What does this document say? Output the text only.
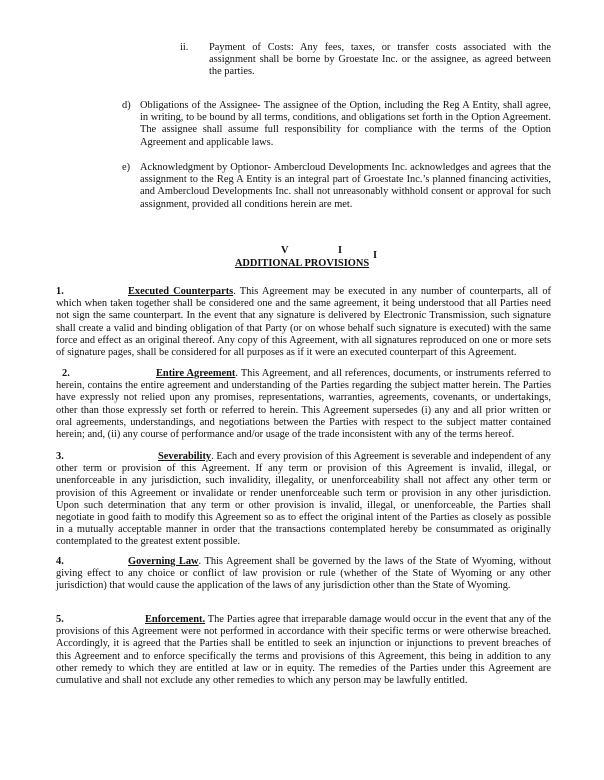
ii. Payment of Costs: Any fees, taxes, or transfer costs associated with the assignment shall be borne by Groestate Inc. or the assignee, as agreed between the parties.

d) Obligations of the Assignee- The assignee of the Option, including the Reg A Entity, shall agree, in writing, to be bound by all terms, conditions, and obligations set forth in the Option Agreement. The assignee shall assume full responsibility for compliance with the terms of the Option Agreement and applicable laws.

e) Acknowledgment by Optionor- Ambercloud Developments Inc. acknowledges and agrees that the assignment to the Reg A Entity is an integral part of Groestate Inc.’s planned financing activities, and Ambercloud Developments Inc. shall not unreasonably withhold consent or approval for such assignment, provided all conditions herein are met.

V	I	I
ADDITIONAL PROVISIONS
1.	Executed Counterparts. This Agreement may be executed in any number of counterparts, all of which when taken together shall be considered one and the same agreement, it being understood that all Parties need not sign the same counterpart. In the event that any signature is delivered by Electronic Transmission, such signature shall create a valid and binding obligation of that Party (or on whose behalf such signature is executed) with the same force and effect as an original thereof. Any copy of this Agreement, with all signatures reproduced on one or more sets of signature pages, shall be considered for all purposes as if it were an executed counterpart of this Agreement.

2.	Entire Agreement. This Agreement, and all references, documents, or instruments referred to herein, contains the entire agreement and understanding of the Parties regarding the subject matter herein. The Parties have expressly not relied upon any promises, representations, warranties, agreements, covenants, or undertakings, other than those expressly set forth or referred to herein. This Agreement supersedes (i) any and all prior written or oral agreements, understandings, and negotiations between the Parties with respect to the subject matter contained herein; and, (ii) any course of performance and/or usage of the trade inconsistent with any of the terms hereof.

3.	Severability. Each and every provision of this Agreement is severable and independent of any other term or provision of this Agreement. If any term or provision of this Agreement is invalid, illegal, or unenforceable in any jurisdiction, such invalidity, illegality, or unenforceability shall not affect any other term or provision of this Agreement or invalidate or render unenforceable such term or provision in any other jurisdiction. Upon such determination that any term or other provision is invalid, illegal, or unenforceable, the Parties shall negotiate in good faith to modify this Agreement so as to effect the original intent of the Parties as closely as possible in a mutually acceptable manner in order that the transactions contemplated hereby be consummated as originally contemplated to the greatest extent possible.

4.	Governing Law. This Agreement shall be governed by the laws of the State of Wyoming, without giving effect to any choice or conflict of law provision or rule (whether of the State of Wyoming or any other jurisdiction) that would cause the application of the laws of any jurisdiction other than the State of Wyoming.

5.	Enforcement. The Parties agree that irreparable damage would occur in the event that any of the provisions of this Agreement were not performed in accordance with their specific terms or were otherwise breached. Accordingly, it is agreed that the Parties shall be entitled to seek an injunction or injunctions to prevent breaches of this Agreement and to enforce specifically the terms and provisions of this Agreement, this being in addition to any other remedy to which they are entitled at law or in equity. The remedies of the Parties under this Agreement are cumulative and shall not exclude any other remedies to which any person may be lawfully entitled.
